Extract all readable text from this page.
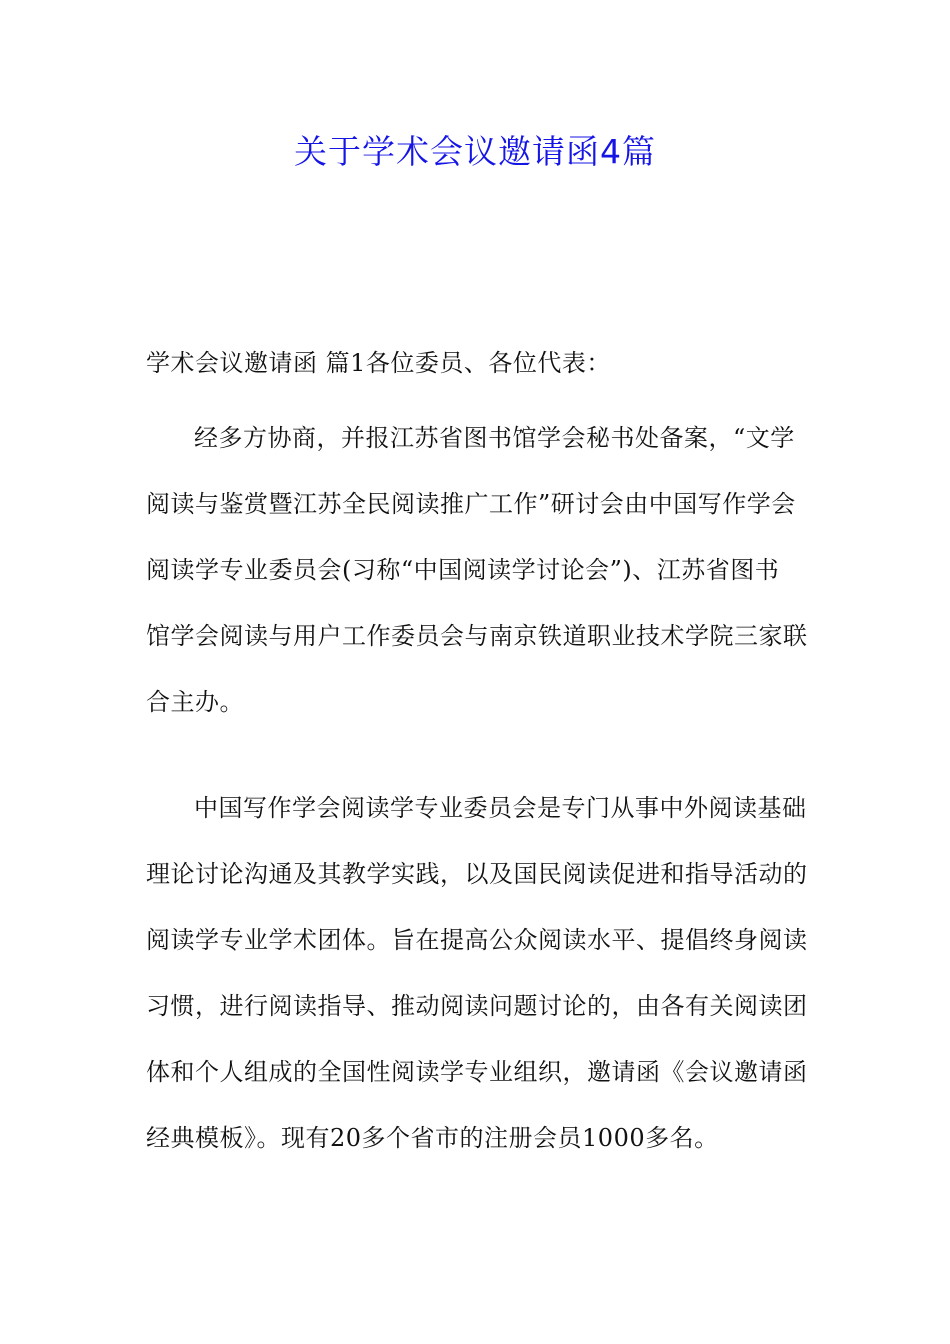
关于学术会议邀请函4篇
学术会议邀请函 篇1各位委员、各位代表：
经多方协商，并报江苏省图书馆学会秘书处备案，“文学
阅读与鉴赏暨江苏全民阅读推广工作”研讨会由中国写作学会
阅读学专业委员会(习称“中国阅读学讨论会”)、江苏省图书
馆学会阅读与用户工作委员会与南京铁道职业技术学院三家联
合主办。
中国写作学会阅读学专业委员会是专门从事中外阅读基础
理论讨论沟通及其教学实践，以及国民阅读促进和指导活动的
阅读学专业学术团体。旨在提高公众阅读水平、提倡终身阅读
习惯，进行阅读指导、推动阅读问题讨论的，由各有关阅读团
体和个人组成的全国性阅读学专业组织，邀请函《会议邀请函
经典模板》。现有20多个省市的注册会员1000多名。
